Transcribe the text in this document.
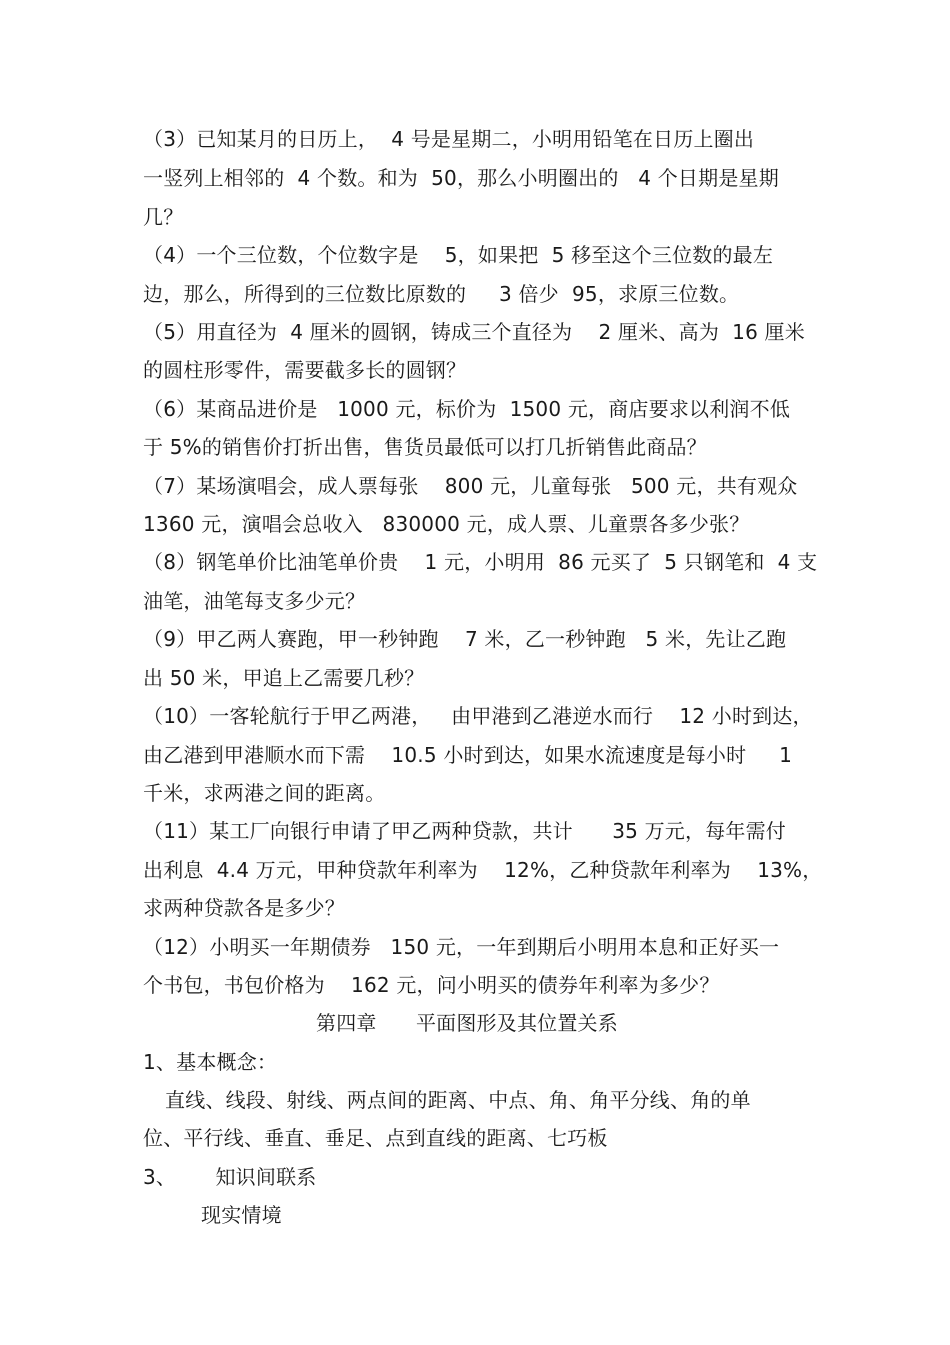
（3）已知某月的日历上，  4 号是星期二，小明用铅笔在日历上圈出
一竖列上相邻的  4 个数。和为  50，那么小明圈出的   4 个日期是星期
几？
（4）一个三位数，个位数字是    5，如果把  5 移至这个三位数的最左
边，那么，所得到的三位数比原数的     3 倍少  95，求原三位数。
（5）用直径为  4 厘米的圆钢，铸成三个直径为    2 厘米、高为  16 厘米
的圆柱形零件，需要截多长的圆钢？
（6）某商品进价是   1000 元，标价为  1500 元，商店要求以利润不低
于 5%的销售价打折出售，售货员最低可以打几折销售此商品？
（7）某场演唱会，成人票每张    800 元，儿童每张   500 元，共有观众
1360 元，演唱会总收入   830000 元，成人票、儿童票各多少张？
（8）钢笔单价比油笔单价贵    1 元，小明用  86 元买了  5 只钢笔和  4 支
油笔，油笔每支多少元？
（9）甲乙两人赛跑，甲一秒钟跑    7 米，乙一秒钟跑   5 米，先让乙跑
出 50 米，甲追上乙需要几秒？
（10）一客轮航行于甲乙两港，   由甲港到乙港逆水而行    12 小时到达，
由乙港到甲港顺水而下需    10.5 小时到达，如果水流速度是每小时     1
千米，求两港之间的距离。
（11）某工厂向银行申请了甲乙两种贷款，共计      35 万元，每年需付
出利息  4.4 万元，甲种贷款年利率为    12%，乙种贷款年利率为    13%，
求两种贷款各是多少？
（12）小明买一年期债券   150 元，一年到期后小明用本息和正好买一
个书包，书包价格为    162 元，问小明买的债券年利率为多少？
第四章      平面图形及其位置关系
1、基本概念：
直线、线段、射线、两点间的距离、中点、角、角平分线、角的单
位、平行线、垂直、垂足、点到直线的距离、七巧板
3、      知识间联系
现实情境
